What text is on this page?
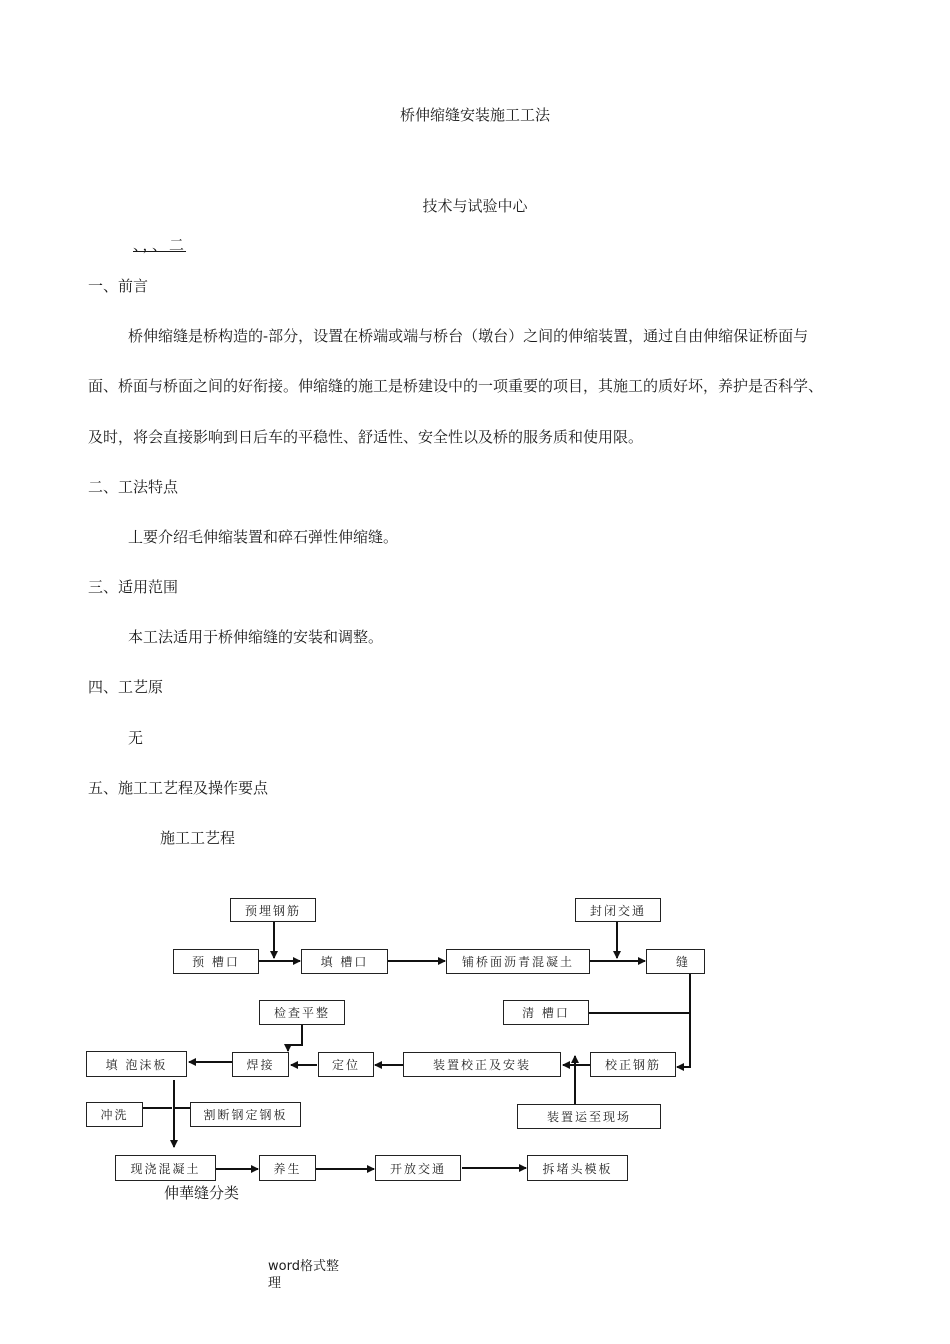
桥伸缩缝安装施工工法
技术与试验中心
、，、二
一、前言
桥伸缩缝是桥构造的-部分，设置在桥端或端与桥台（墩台）之间的伸缩装置，通过自由伸缩保证桥面与
面、桥面与桥面之间的好衔接。伸缩缝的施工是桥建设中的一项重要的项目，其施工的质好坏，养护是否科学、
及时，将会直接影响到日后车的平稳性、舒适性、安全性以及桥的服务质和使用限。
二、工法特点
丄要介绍毛伸缩装置和碎石弹性伸缩缝。
三、适用范围
本工法适用于桥伸缩缝的安装和调整。
四、工艺原
无
五、施工工艺程及操作要点
施工工艺程
预埋钢筋	封闭交通
预 槽口	填 槽口	铺桥面沥青混凝土	缝
检查平整	清 槽口
填 泡沫板	焊接	定位	装置校正及安装	校正钢筋
冲洗	割断钢定钢板	装置运至现场
现浇混凝土	养生	开放交通	拆堵头模板
伸華缝分类
word格式整
理
